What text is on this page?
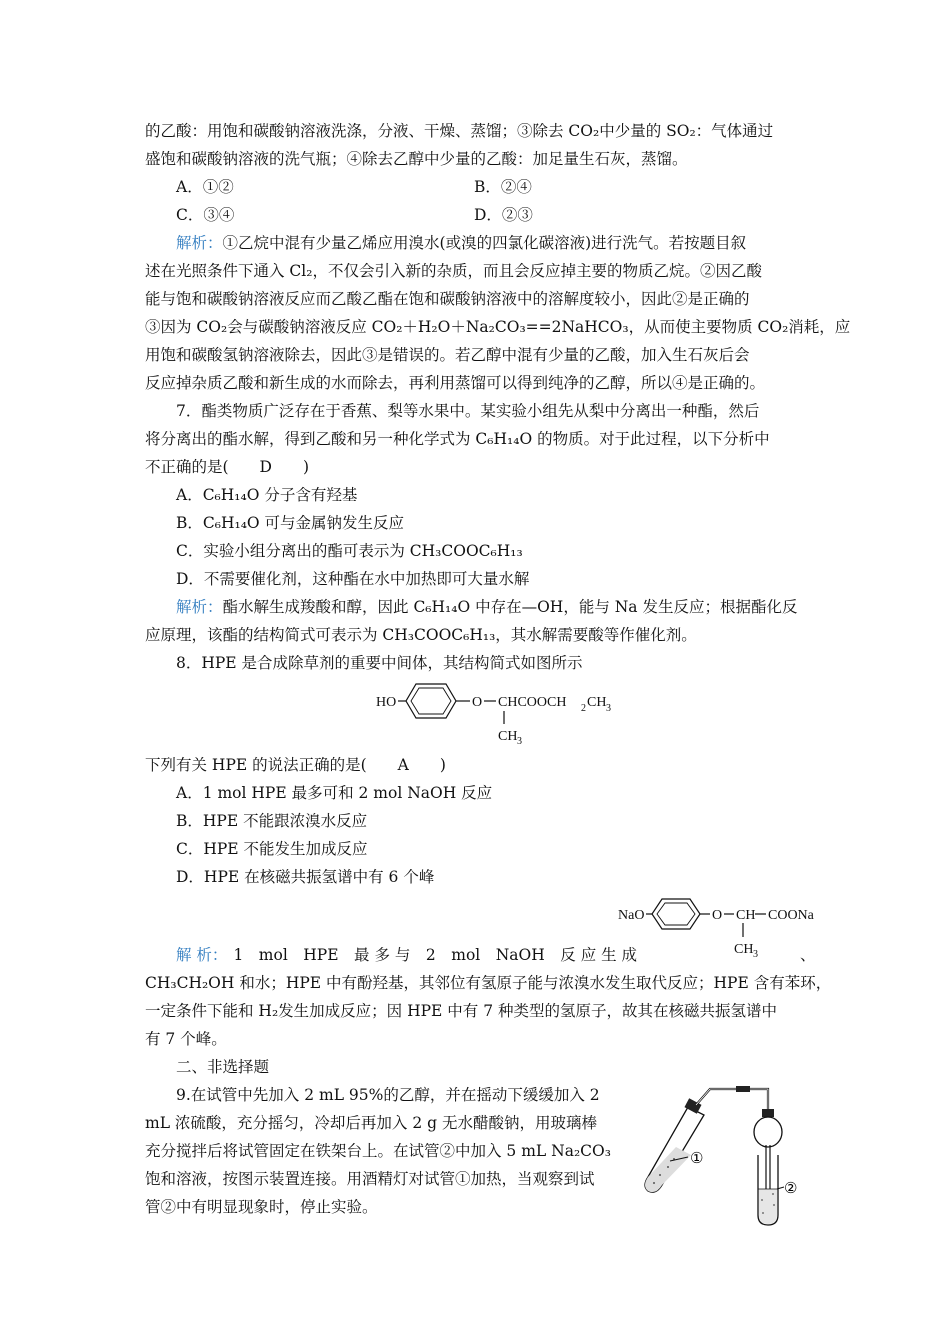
的乙酸：用饱和碳酸钠溶液洗涤，分液、干燥、蒸馏；③除去 CO₂中少量的 SO₂：气体通过
盛饱和碳酸钠溶液的洗气瓶；④除去乙醇中少量的乙酸：加足量生石灰，蒸馏。
A．①②	B．②④
C．③④	D．②③
解析：①乙烷中混有少量乙烯应用溴水(或溴的四氯化碳溶液)进行洗气。若按题目叙
述在光照条件下通入 Cl₂，不仅会引入新的杂质，而且会反应掉主要的物质乙烷。②因乙酸
能与饱和碳酸钠溶液反应而乙酸乙酯在饱和碳酸钠溶液中的溶解度较小，因此②是正确的
③因为 CO₂会与碳酸钠溶液反应 CO₂＋H₂O＋Na₂CO₃==2NaHCO₃，从而使主要物质 CO₂消耗，应
用饱和碳酸氢钠溶液除去，因此③是错误的。若乙醇中混有少量的乙酸，加入生石灰后会
反应掉杂质乙酸和新生成的水而除去，再利用蒸馏可以得到纯净的乙醇，所以④是正确的。
7．酯类物质广泛存在于香蕉、梨等水果中。某实验小组先从梨中分离出一种酯，然后
将分离出的酯水解，得到乙酸和另一种化学式为 C₆H₁₄O 的物质。对于此过程，以下分析中
不正确的是(　　D　　)
A．C₆H₁₄O 分子含有羟基
B．C₆H₁₄O 可与金属钠发生反应
C．实验小组分离出的酯可表示为 CH₃COOC₆H₁₃
D．不需要催化剂，这种酯在水中加热即可大量水解
解析：酯水解生成羧酸和醇，因此 C₆H₁₄O 中存在—OH，能与 Na 发生反应；根据酯化反
应原理，该酯的结构简式可表示为 CH₃COOC₆H₁₃，其水解需要酸等作催化剂。
8．HPE 是合成除草剂的重要中间体，其结构简式如图所示
HO	O CHCOOCH 2 CH 3
CH 3
下列有关 HPE 的说法正确的是(　　A　　)
A．1 mol HPE 最多可和 2 mol NaOH 反应
B．HPE 不能跟浓溴水反应
C．HPE 不能发生加成反应
D．HPE 在核磁共振氢谱中有 6 个峰
NaO	O CH COONa
CH 3
解 析： 1　mol　HPE　最 多 与　2　mol　NaOH　反 应 生 成	、
CH₃CH₂OH 和水；HPE 中有酚羟基，其邻位有氢原子能与浓溴水发生取代反应；HPE 含有苯环，
一定条件下能和 H₂发生加成反应；因 HPE 中有 7 种类型的氢原子，故其在核磁共振氢谱中
有 7 个峰。
二、非选择题
9.在试管中先加入 2 mL 95%的乙醇，并在摇动下缓缓加入 2
mL 浓硫酸，充分摇匀，冷却后再加入 2 g 无水醋酸钠，用玻璃棒
充分搅拌后将试管固定在铁架台上。在试管②中加入 5 mL Na₂CO₃
饱和溶液，按图示装置连接。用酒精灯对试管①加热，当观察到试
管②中有明显现象时，停止实验。
①
②
